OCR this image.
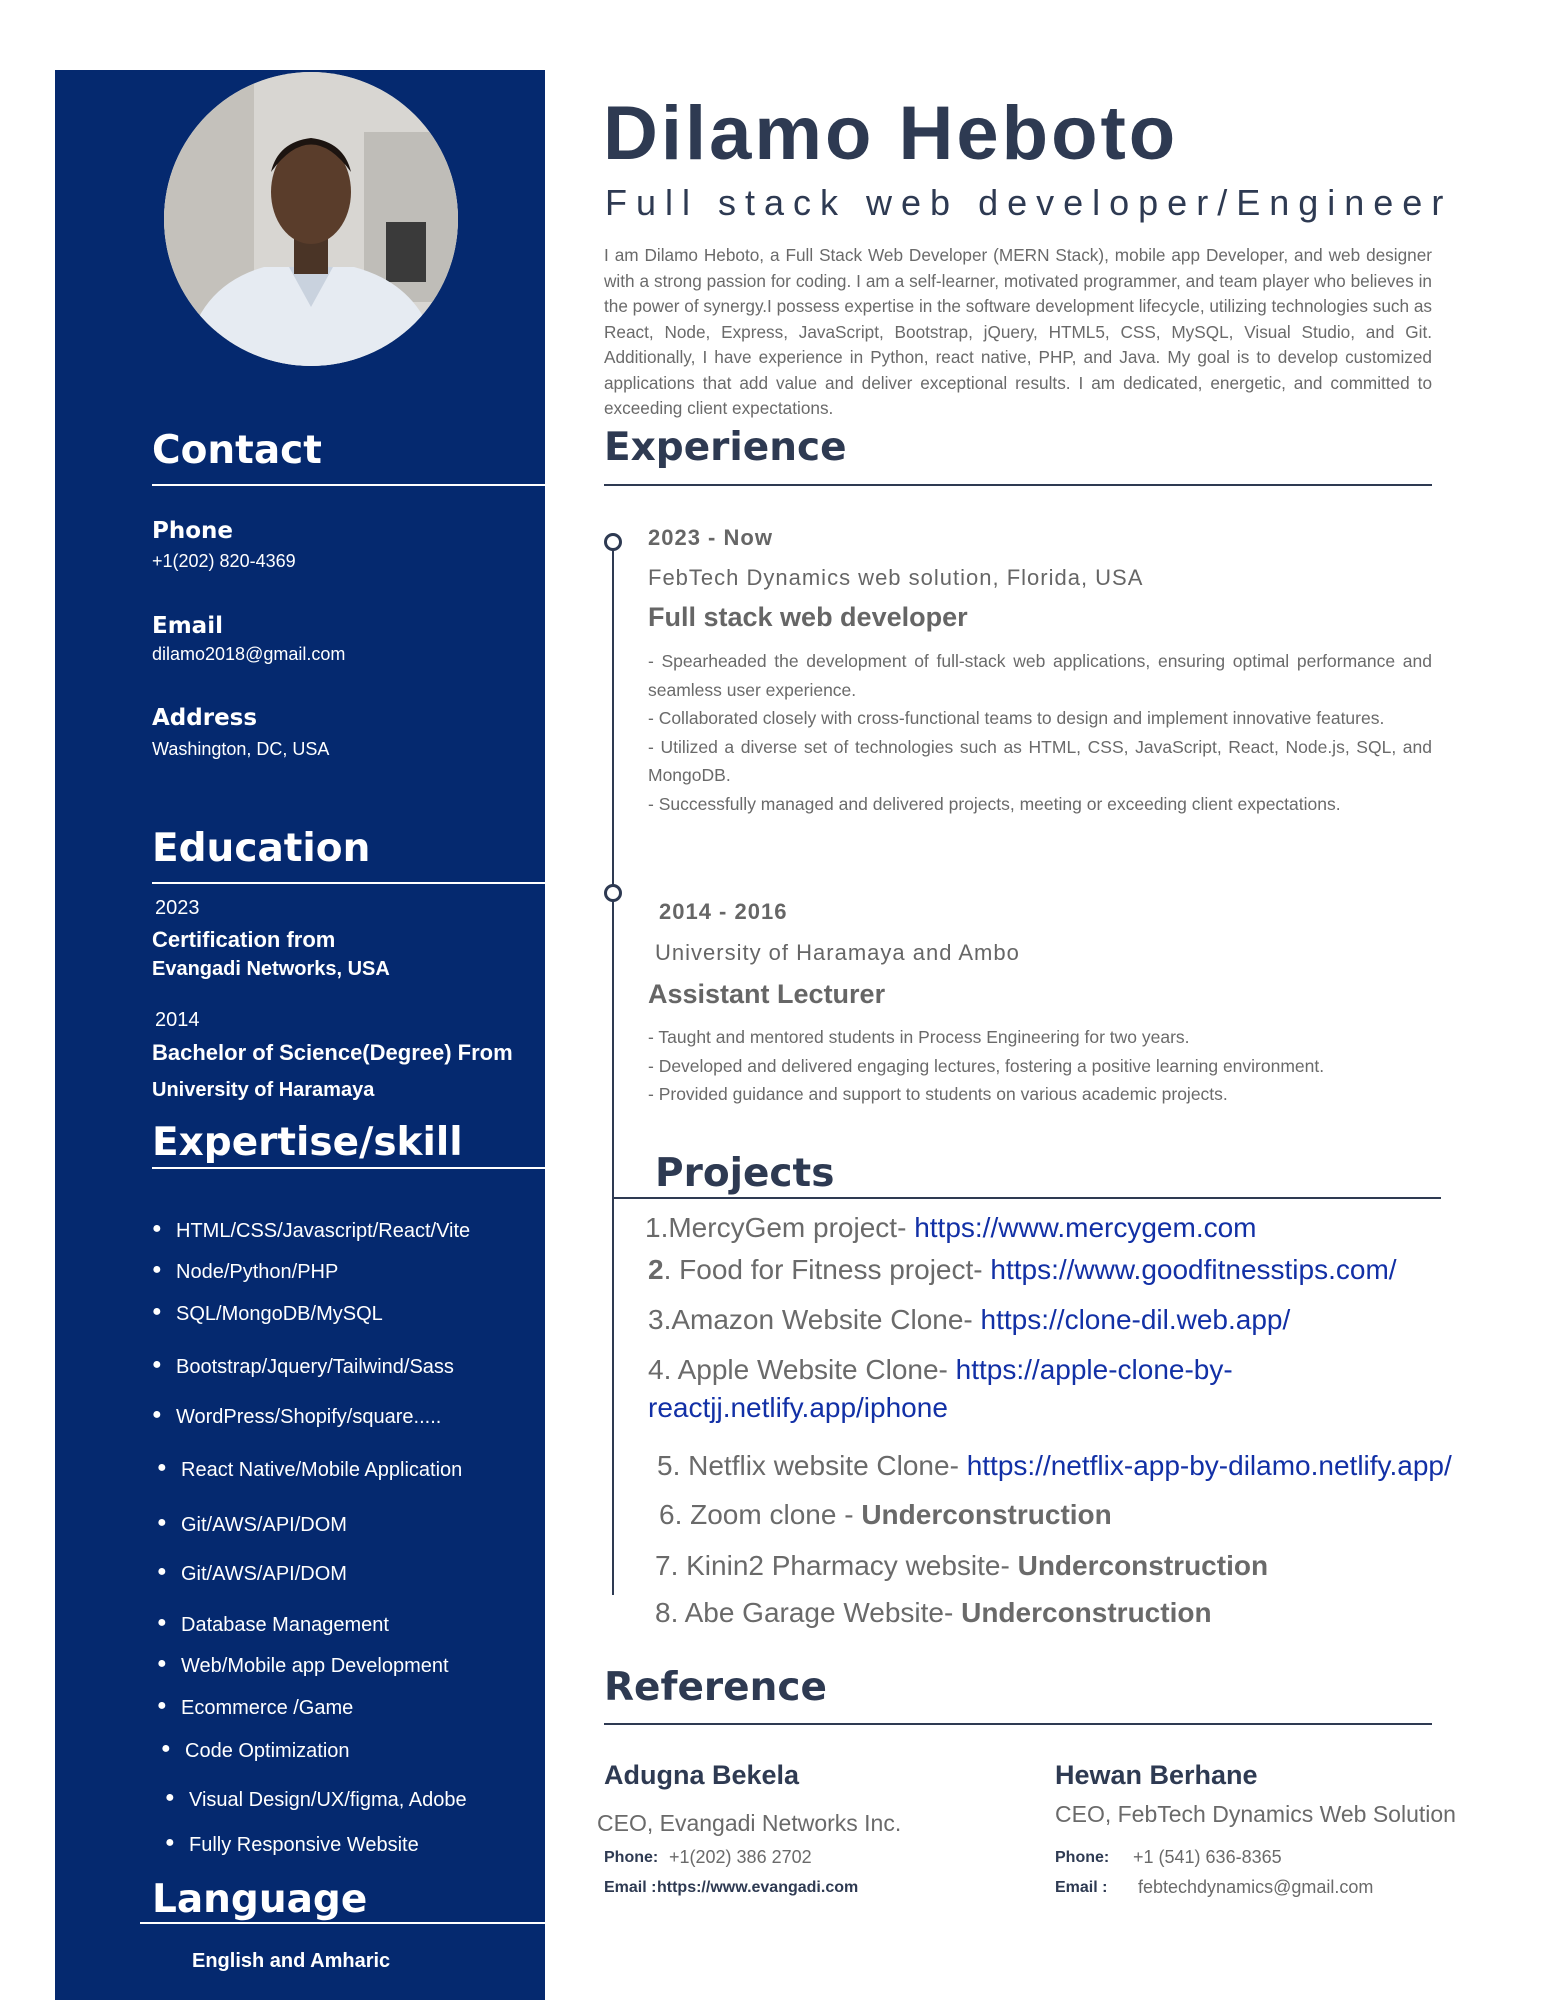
Contact
Phone
+1(202) 820-4369
Email
dilamo2018@gmail.com
Address
Washington, DC, USA
Education
2023
Certification from
Evangadi Networks, USA
2014
Bachelor of Science(Degree) From
University of Haramaya
Expertise/skill
● HTML/CSS/Javascript/React/Vite
● Node/Python/PHP
● SQL/MongoDB/MySQL
● Bootstrap/Jquery/Tailwind/Sass
● WordPress/Shopify/square.....
● React Native/Mobile Application
● Git/AWS/API/DOM
● Git/AWS/API/DOM
● Database Management
● Web/Mobile app Development
● Ecommerce /Game
● Code Optimization
● Visual Design/UX/figma, Adobe
● Fully Responsive Website
Language
English and Amharic
Dilamo Heboto
Full stack web developer/Engineer
I am Dilamo Heboto, a Full Stack Web Developer (MERN Stack), mobile app Developer, and web designer with a strong passion for coding. I am a self-learner, motivated programmer, and team player who believes in the power of synergy.I possess expertise in the software development lifecycle, utilizing technologies such as React, Node, Express, JavaScript, Bootstrap, jQuery, HTML5, CSS, MySQL, Visual Studio, and Git. Additionally, I have experience in Python, react native, PHP, and Java. My goal is to develop customized applications that add value and deliver exceptional results. I am dedicated, energetic, and committed to exceeding client expectations.
Experience
2023 - Now
FebTech Dynamics web solution, Florida, USA
Full stack web developer
- Spearheaded the development of full-stack web applications, ensuring optimal performance and seamless user experience.
- Collaborated closely with cross-functional teams to design and implement innovative features.
- Utilized a diverse set of technologies such as HTML, CSS, JavaScript, React, Node.js, SQL, and MongoDB.
- Successfully managed and delivered projects, meeting or exceeding client expectations.
2014 - 2016
University of Haramaya and Ambo
Assistant Lecturer
- Taught and mentored students in Process Engineering for two years.
- Developed and delivered engaging lectures, fostering a positive learning environment.
- Provided guidance and support to students on various academic projects.
Projects
1.MercyGem project- https://www.mercygem.com
2. Food for Fitness project- https://www.goodfitnesstips.com/
3.Amazon Website Clone- https://clone-dil.web.app/
4. Apple Website Clone- https://apple-clone-by-
reactjj.netlify.app/iphone
5. Netflix website Clone- https://netflix-app-by-dilamo.netlify.app/
6. Zoom clone - Underconstruction
7. Kinin2 Pharmacy website- Underconstruction
8. Abe Garage Website- Underconstruction
Reference
Adugna Bekela
CEO, Evangadi Networks Inc.
Phone: +1(202) 386 2702
Email : https://www.evangadi.com
Hewan Berhane
CEO, FebTech Dynamics Web Solution
Phone: +1 (541) 636-8365
Email : febtechdynamics@gmail.com
